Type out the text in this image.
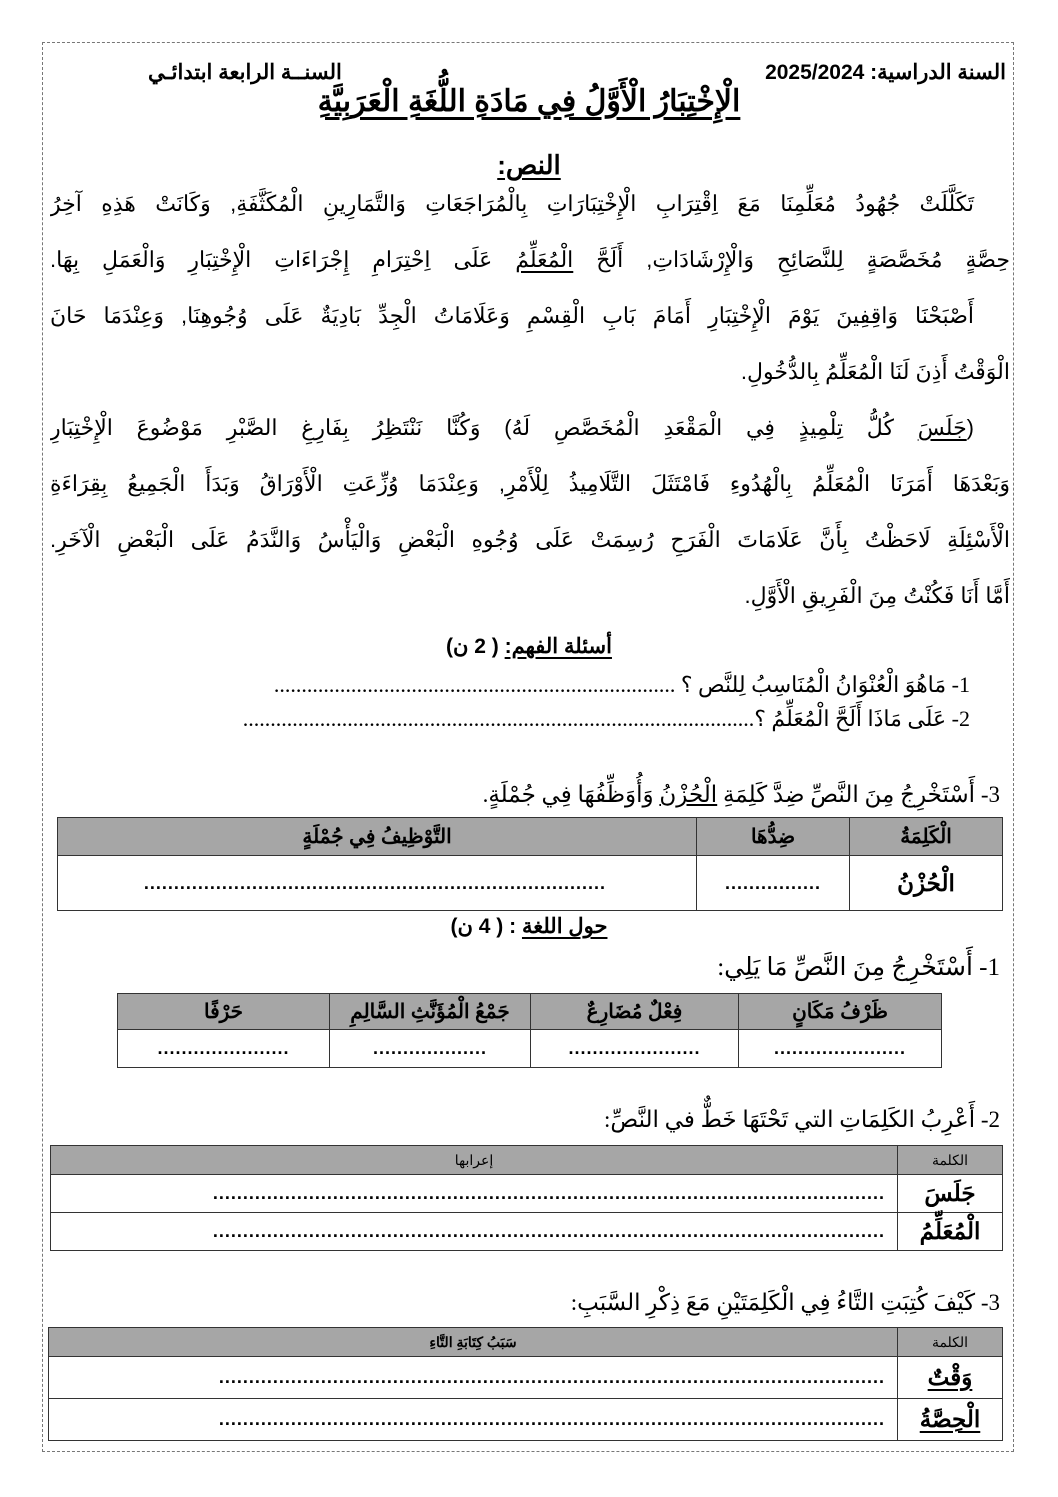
السنة الدراسية: 2025/2024
السنــة الرابعة ابتدائـي
الْإِخْتِبَارُ الْأَوَّلُ فِي مَادَةِ اللُّغَةِ الْعَرَبِيَّةِ
النص:
تَكَلَّلَتْ جُهُودُ مُعَلِّمِنَا مَعَ اِقْتِرَابِ الْإِخْتِبَارَاتِ بِالْمُرَاجَعَاتِ وَالتَّمَارِينِ الْمُكَثَّفَةِ, وَكَانَتْ هَذِهِ آخِرُ
حِصَّةٍ مُخَصَّصَةٍ لِلنَّصَائِحِ وَالْإِرْشَادَاتِ, أَلَحَّ الْمُعَلِّمُ عَلَى اِحْتِرَامِ إِجْرَاءَاتِ الْإِخْتِبَارِ وَالْعَمَلِ بِهَا.
أَصْبَحْنَا وَاقِفِينَ يَوْمَ الْإِخْتِبَارِ أَمَامَ بَابِ الْقِسْمِ وَعَلَامَاتُ الْجِدِّ بَادِيَةٌ عَلَى وُجُوهِنَا, وَعِنْدَمَا حَانَ
الْوَقْتُ أَذِنَ لَنَا الْمُعَلِّمُ بِالدُّخُولِ.
(جَلَسَ كُلُّ تِلْمِيذٍ فِي الْمَقْعَدِ الْمُخَصَّصِ لَهُ) وَكُنَّا نَنْتَظِرُ بِفَارِغِ الصَّبْرِ مَوْضُوعَ الْإِخْتِبَارِ
وَبَعْدَهَا أَمَرَنَا الْمُعَلِّمُ بِالْهُدُوءِ فَامْتَثَلَ التَّلَامِيذُ لِلْأَمْرِ, وَعِنْدَمَا وُزِّعَتِ الْأَوْرَاقُ وَبَدَأَ الْجَمِيعُ بِقِرَاءَةِ
الْأَسْئِلَةِ لَاحَظْتُ بِأَنَّ عَلَامَاتَ الْفَرَحِ رُسِمَتْ عَلَى وُجُوهِ الْبَعْضِ وَالْيَأْسُ وَالنَّدَمُ عَلَى الْبَعْضِ الْآخَرِ.
أَمَّا أَنَا فَكُنْتُ مِنَ الْفَرِيقِ الْأَوَّلِ.
أسئلة الفهم: ( 2 ن)
1- مَاهُوَ الْعُنْوَانُ الْمُنَاسِبُ لِلنَّص ؟ .........................................................................
2- عَلَى مَاذَا أَلَحَّ الْمُعَلِّمُ ؟.............................................................................................
3- أَسْتَخْرِجُ مِنَ النَّصِّ ضِدَّ كَلِمَةِ الْحُزْنُ وَأُوَظِّفُهَا فِي جُمْلَةٍ.
الْكَلِمَةُ	ضِدُّهَا	التَّوْظِيفُ فِي جُمْلَةٍ
الْحُزْنُ	................	.............................................................................
حول اللغة : ( 4 ن)
1- أَسْتَخْرِجُ مِنَ النَّصِّ مَا يَلِي:
ظَرْفُ مَكَانٍ	فِعْلٌ مُضَارِعٌ	جَمْعُ الْمُؤَنَّثِ السَّالِمِ	حَرْفًا
......................	......................	...................	......................
2- أَعْرِبُ الكَلِمَاتِ التي تَحْتَهَا خَطٌّ في النَّصِّ:
الكلمة	إعرابها
جَلَسَ	................................................................................................................
الْمُعَلِّمُ	................................................................................................................
3- كَيْفَ كُتِبَتِ التَّاءُ فِي الْكَلِمَتَيْنِ مَعَ ذِكْرِ السَّبَبِ:
الكلمة	سَبَبُ كِتَابَةِ التَّاءِ
وَقْتٌ	...............................................................................................................
الْحِصَّةُ	...............................................................................................................
